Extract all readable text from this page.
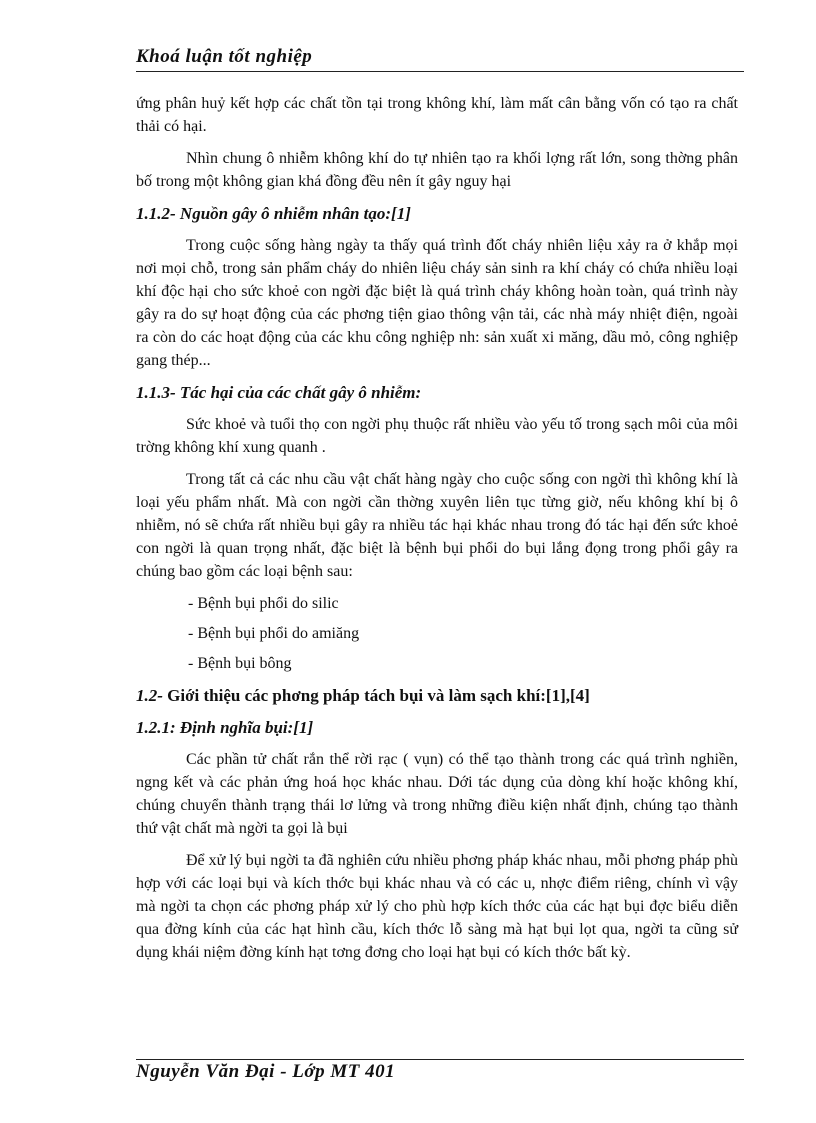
Khoá luận tốt nghiệp

ứng phân huỷ kết hợp các chất tồn tại trong không khí, làm mất cân bằng vốn có tạo ra chất thải có hại.

Nhìn chung ô nhiễm không khí do tự nhiên tạo ra khối lợng rất lớn, song thờng phân bố trong một không gian khá đồng đều nên ít gây nguy hại

1.1.2- Nguồn gây ô nhiễm nhân tạo:[1]

Trong cuộc sống hàng ngày ta thấy quá trình đốt cháy nhiên liệu xảy ra ở khắp mọi nơi mọi chỗ, trong sản phẩm cháy do nhiên liệu cháy sản sinh ra khí cháy có chứa nhiều loại khí độc hại cho sức khoẻ con ngời đặc biệt là quá trình cháy không hoàn toàn, quá trình này gây ra do sự hoạt động của các phơng tiện giao thông vận tải, các nhà máy nhiệt điện, ngoài ra còn do các hoạt động của các khu công nghiệp nh: sản xuất xi măng, dầu mỏ, công nghiệp gang thép...

1.1.3- Tác hại của các chất gây ô nhiễm:

Sức khoẻ và tuổi thọ con ngời phụ thuộc rất nhiều vào yếu tố trong sạch môi của môi trờng không khí xung quanh .

Trong tất cả các nhu cầu vật chất hàng ngày cho cuộc sống con ngời thì không khí là loại yếu phẩm nhất. Mà con ngời cần thờng xuyên liên tục từng giờ, nếu không khí bị ô nhiễm, nó sẽ chứa rất nhiều bụi gây ra nhiều tác hại khác nhau trong đó tác hại đến sức khoẻ con ngời là quan trọng nhất, đặc biệt là bệnh bụi phổi do bụi lắng đọng trong phổi gây ra chúng bao gồm các loại bệnh sau:

- Bệnh bụi phổi do silic
- Bệnh bụi phổi do amiăng
- Bệnh bụi bông
1.2- Giới thiệu các phơng pháp tách bụi và làm sạch khí:[1],[4]
1.2.1: Định nghĩa bụi:[1]

Các phần tử chất rắn thể rời rạc ( vụn) có thể tạo thành trong các quá trình nghiền, ngng kết và các phản ứng hoá học khác nhau. Dới tác dụng của dòng khí hoặc không khí, chúng chuyển thành trạng thái lơ lửng và trong những điều kiện nhất định, chúng tạo thành thứ vật chất mà ngời ta gọi là bụi

Để xử lý bụi ngời ta đã nghiên cứu nhiều phơng pháp khác nhau, mỗi phơng pháp phù hợp với các loại bụi và kích thớc bụi khác nhau và có các u, nhợc điểm riêng, chính vì vậy mà ngời ta chọn các phơng pháp xử lý cho phù hợp kích thớc của các hạt bụi đợc biểu diễn qua đờng kính của các hạt hình cầu, kích thớc lỗ sàng mà hạt bụi lọt qua, ngời ta cũng sử dụng khái niệm đờng kính hạt tơng đơng cho loại hạt bụi có kích thớc bất kỳ.

Nguyễn Văn Đại - Lớp MT 401
